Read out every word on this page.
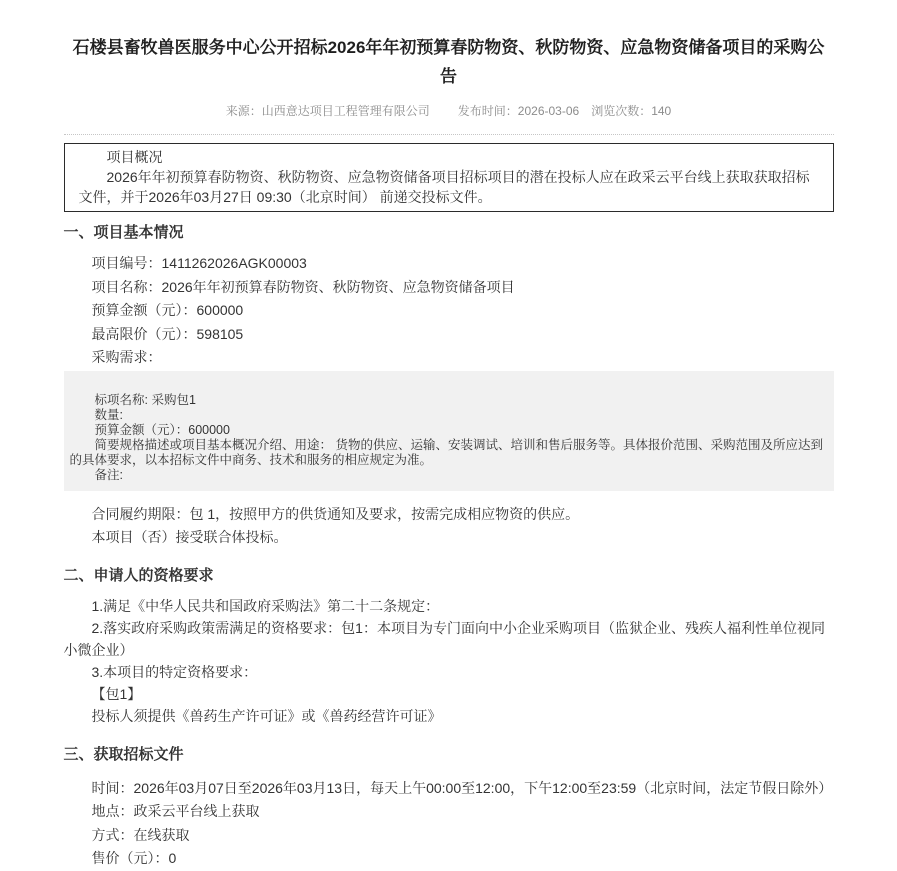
石楼县畜牧兽医服务中心公开招标2026年年初预算春防物资、秋防物资、应急物资储备项目的采购公告
来源：山西意达项目工程管理有限公司 发布时间：2026-03-06 浏览次数：140

项目概况

2026年年初预算春防物资、秋防物资、应急物资储备项目招标项目的潜在投标人应在政采云平台线上获取获取招标文件，并于2026年03月27日 09:30（北京时间） 前递交投标文件。

一、项目基本情况

项目编号：1411262026AGK00003

项目名称：2026年年初预算春防物资、秋防物资、应急物资储备项目

预算金额（元）：600000

最高限价（元）：598105

采购需求：

标项名称: 采购包1

数量:

预算金额（元）：600000

简要规格描述或项目基本概况介绍、用途： 货物的供应、运输、安装调试、培训和售后服务等。具体报价范围、采购范围及所应达到的具体要求，以本招标文件中商务、技术和服务的相应规定为准。

备注:

合同履约期限：包 1，按照甲方的供货通知及要求，按需完成相应物资的供应。

本项目（否）接受联合体投标。

二、申请人的资格要求

1.满足《中华人民共和国政府采购法》第二十二条规定：

2.落实政府采购政策需满足的资格要求：包1：本项目为专门面向中小企业采购项目（监狱企业、残疾人福利性单位视同小微企业）

3.本项目的特定资格要求：

【包1】

投标人须提供《兽药生产许可证》或《兽药经营许可证》

三、获取招标文件

时间：2026年03月07日至2026年03月13日，每天上午00:00至12:00，下午12:00至23:59（北京时间，法定节假日除外）

地点：政采云平台线上获取

方式：在线获取

售价（元）：0
